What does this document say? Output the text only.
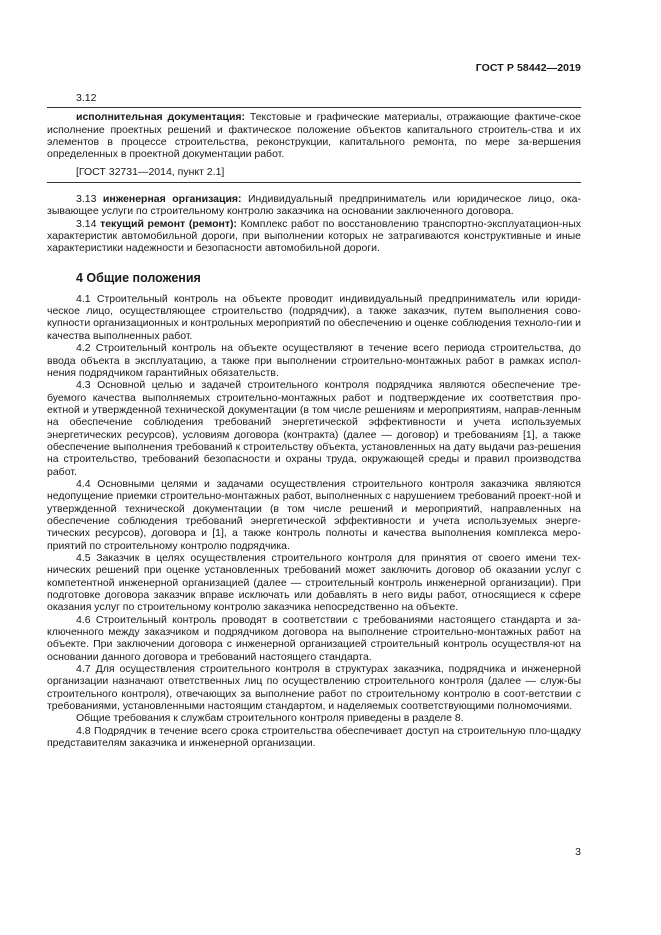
ГОСТ Р 58442—2019

3.12

исполнительная документация: Текстовые и графические материалы, отражающие фактиче-ское исполнение проектных решений и фактическое положение объектов капитального строитель-ства и их элементов в процессе строительства, реконструкции, капитального ремонта, по мере за-вершения определенных в проектной документации работ.

[ГОСТ 32731—2014, пункт 2.1]

3.13 инженерная организация: Индивидуальный предприниматель или юридическое лицо, ока-зывающее услуги по строительному контролю заказчика на основании заключенного договора.

3.14 текущий ремонт (ремонт): Комплекс работ по восстановлению транспортно-эксплуатацион-ных характеристик автомобильной дороги, при выполнении которых не затрагиваются конструктивные и иные характеристики надежности и безопасности автомобильной дороги.

4 Общие положения

4.1 Строительный контроль на объекте проводит индивидуальный предприниматель или юриди-ческое лицо, осуществляющее строительство (подрядчик), а также заказчик, путем выполнения сово-купности организационных и контрольных мероприятий по обеспечению и оценке соблюдения техноло-гии и качества выполненных работ.

4.2 Строительный контроль на объекте осуществляют в течение всего периода строительства, до ввода объекта в эксплуатацию, а также при выполнении строительно-монтажных работ в рамках испол-нения подрядчиком гарантийных обязательств.

4.3 Основной целью и задачей строительного контроля подрядчика являются обеспечение тре-буемого качества выполняемых строительно-монтажных работ и подтверждение их соответствия про-ектной и утвержденной технической документации (в том числе решениям и мероприятиям, направ-ленным на обеспечение соблюдения требований энергетической эффективности и учета используемых энергетических ресурсов), условиям договора (контракта) (далее — договор) и требованиям [1], а также обеспечение выполнения требований к строительству объекта, установленных на дату выдачи раз-решения на строительство, требований безопасности и охраны труда, окружающей среды и правил производства работ.

4.4 Основными целями и задачами осуществления строительного контроля заказчика являются недопущение приемки строительно-монтажных работ, выполненных с нарушением требований проект-ной и утвержденной технической документации (в том числе решений и мероприятий, направленных на обеспечение соблюдения требований энергетической эффективности и учета используемых энерге-тических ресурсов), договора и [1], а также контроль полноты и качества выполнения комплекса меро-приятий по строительному контролю подрядчика.

4.5 Заказчик в целях осуществления строительного контроля для принятия от своего имени тех-нических решений при оценке установленных требований может заключить договор об оказании услуг с компетентной инженерной организацией (далее — строительный контроль инженерной организации). При подготовке договора заказчик вправе исключать или добавлять в него виды работ, относящиеся к сфере оказания услуг по строительному контролю заказчика непосредственно на объекте.

4.6 Строительный контроль проводят в соответствии с требованиями настоящего стандарта и за-ключенного между заказчиком и подрядчиком договора на выполнение строительно-монтажных работ на объекте. При заключении договора с инженерной организацией строительный контроль осуществля-ют на основании данного договора и требований настоящего стандарта.

4.7 Для осуществления строительного контроля в структурах заказчика, подрядчика и инженерной организации назначают ответственных лиц по осуществлению строительного контроля (далее — служ-бы строительного контроля), отвечающих за выполнение работ по строительному контролю в соот-ветствии с требованиями, установленными настоящим стандартом, и наделяемых соответствующими полномочиями.

Общие требования к службам строительного контроля приведены в разделе 8.

4.8 Подрядчик в течение всего срока строительства обеспечивает доступ на строительную пло-щадку представителям заказчика и инженерной организации.

3
